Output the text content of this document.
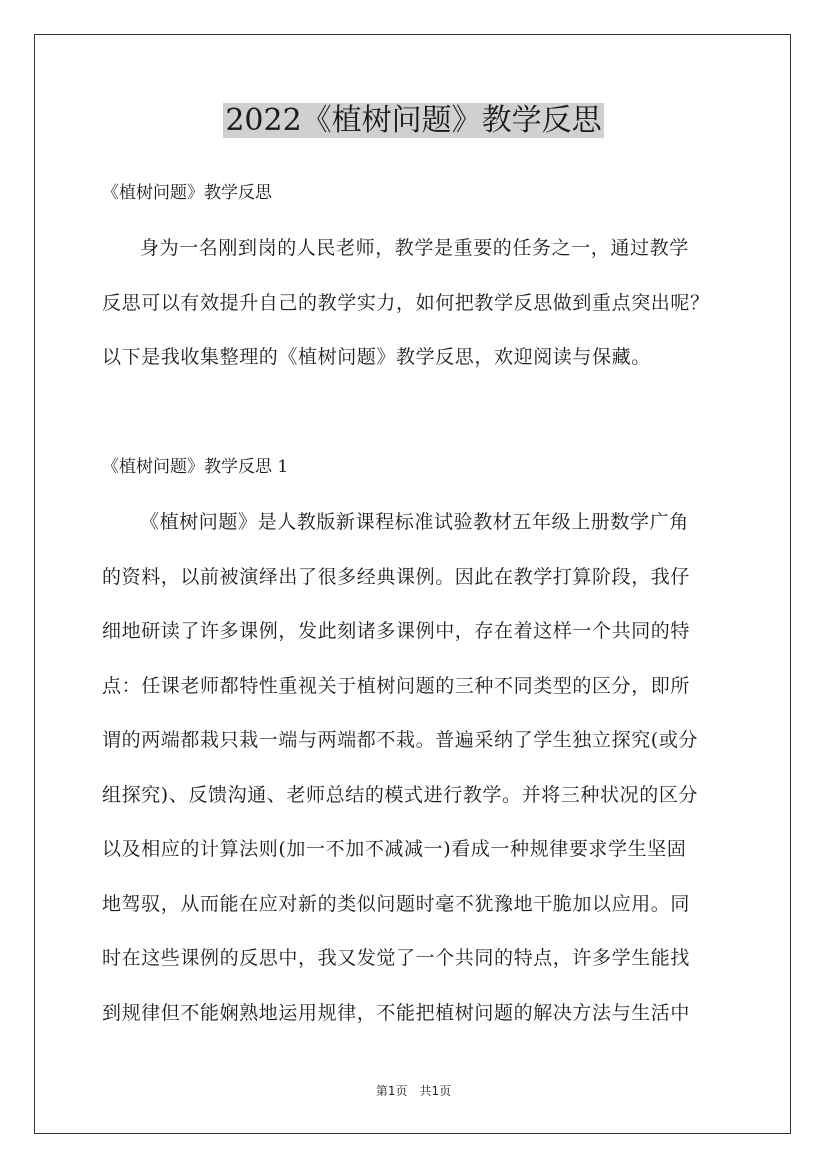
2022《植树问题》教学反思

《植树问题》教学反思

身为一名刚到岗的人民老师，教学是重要的任务之一，通过教学
反思可以有效提升自己的教学实力，如何把教学反思做到重点突出呢？
以下是我收集整理的《植树问题》教学反思，欢迎阅读与保藏。

《植树问题》教学反思 1

《植树问题》是人教版新课程标准试验教材五年级上册数学广角
的资料，以前被演绎出了很多经典课例。因此在教学打算阶段，我仔
细地研读了许多课例，发此刻诸多课例中，存在着这样一个共同的特
点：任课老师都特性重视关于植树问题的三种不同类型的区分，即所
谓的两端都栽只栽一端与两端都不栽。普遍采纳了学生独立探究(或分
组探究)、反馈沟通、老师总结的模式进行教学。并将三种状况的区分
以及相应的计算法则(加一不加不减减一)看成一种规律要求学生坚固
地驾驭，从而能在应对新的类似问题时毫不犹豫地干脆加以应用。同
时在这些课例的反思中，我又发觉了一个共同的特点，许多学生能找
到规律但不能娴熟地运用规律，不能把植树问题的解决方法与生活中

第1页 共1页
